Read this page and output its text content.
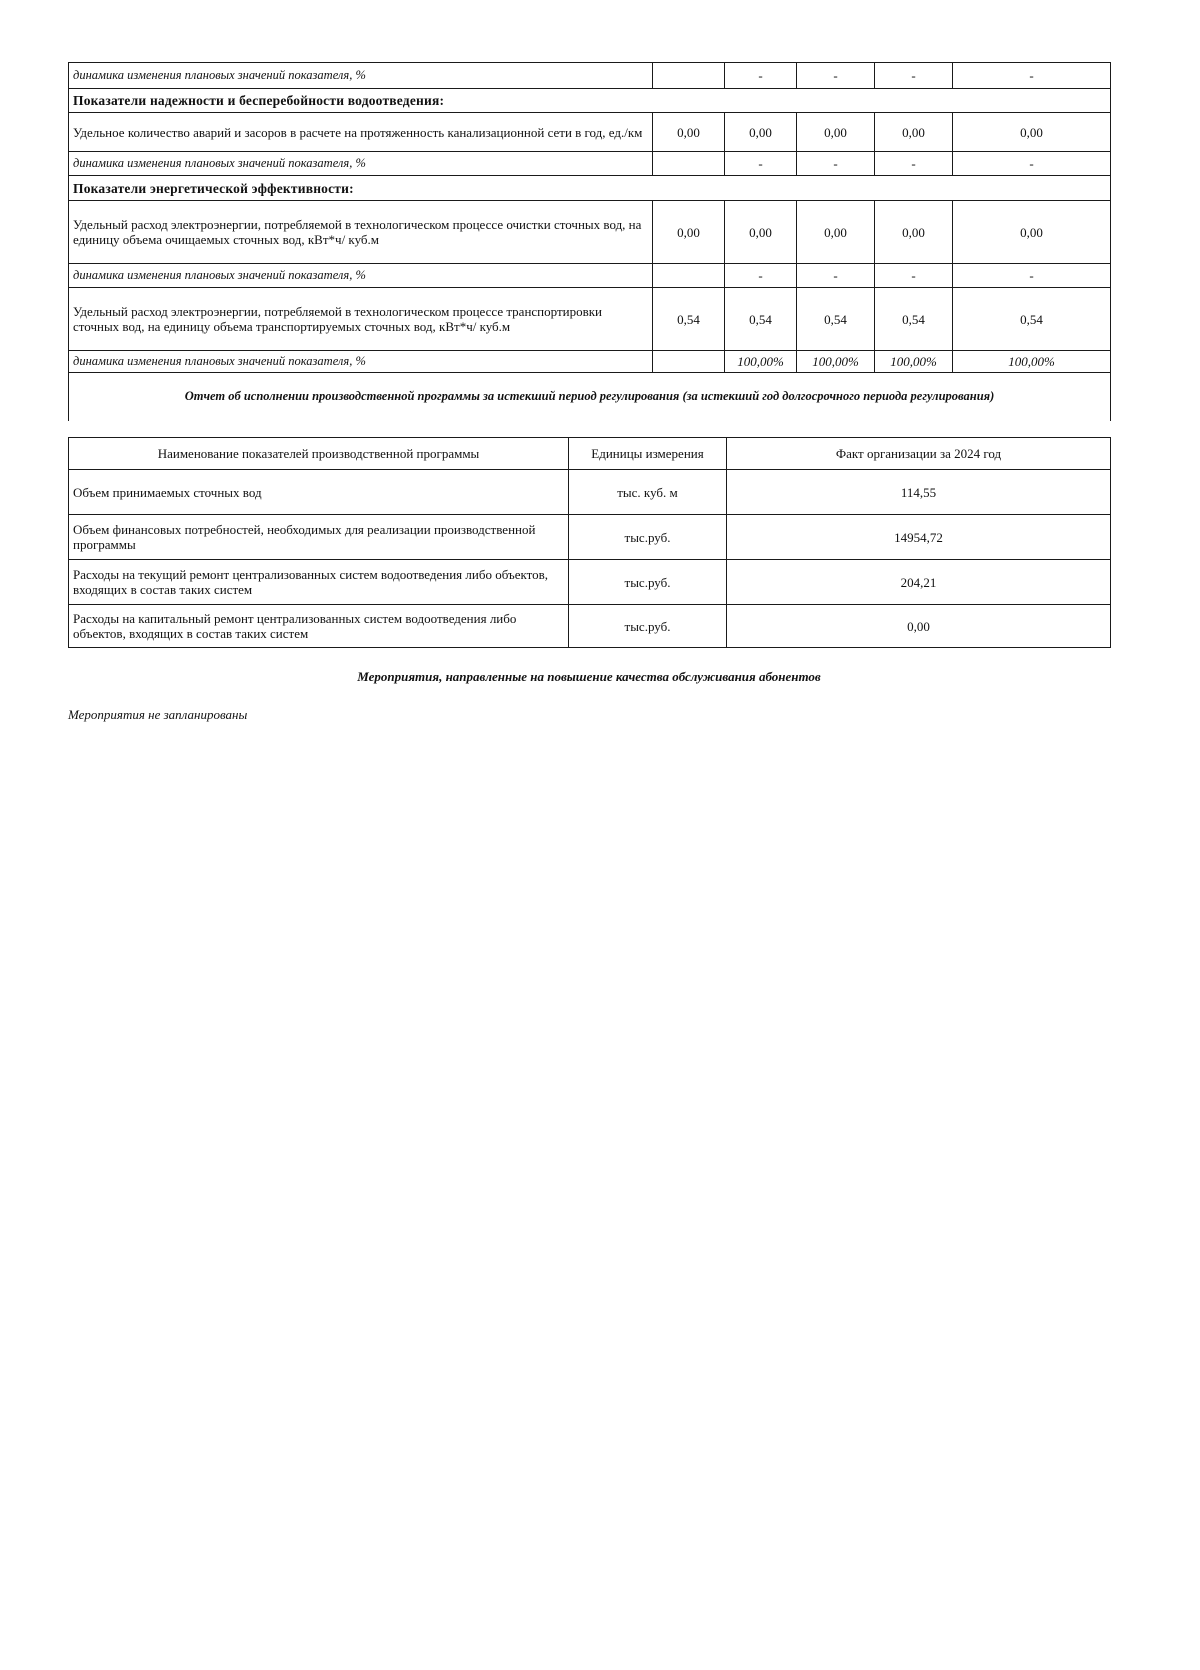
динамика изменения плановых значений показателя, %		-	-	-	-
Показатели надежности и бесперебойности водоотведения:					
Удельное количество аварий и засоров в расчете на протяженность канализационной сети в год, ед./км	0,00	0,00	0,00	0,00	0,00
динамика изменения плановых значений показателя, %		-	-	-	-
Показатели энергетической эффективности:					
Удельный расход электроэнергии, потребляемой в технологическом процессе очистки сточных вод, на единицу объема очищаемых сточных вод, кВт*ч/ куб.м	0,00	0,00	0,00	0,00	0,00
динамика изменения плановых значений показателя, %		-	-	-	-
Удельный расход электроэнергии, потребляемой в технологическом процессе транспортировки сточных вод, на единицу объема транспортируемых сточных вод, кВт*ч/ куб.м	0,54	0,54	0,54	0,54	0,54
динамика изменения плановых значений показателя, %		100,00%	100,00%	100,00%	100,00%
Отчет об исполнении производственной программы за истекший период регулирования (за истекший год долгосрочного периода регулирования)					
Наименование показателей производственной программы	Единицы измерения	Факт организации за 2024 год
Объем принимаемых сточных вод	тыс. куб. м	114,55
Объем финансовых потребностей, необходимых для реализации производственной программы	тыс.руб.	14954,72
Расходы на текущий ремонт централизованных систем водоотведения либо объектов, входящих в состав таких систем	тыс.руб.	204,21
Расходы на капитальный ремонт централизованных систем водоотведения либо объектов, входящих в состав таких систем	тыс.руб.	0,00
Мероприятия, направленные на повышение качества обслуживания абонентов
Мероприятия не запланированы
